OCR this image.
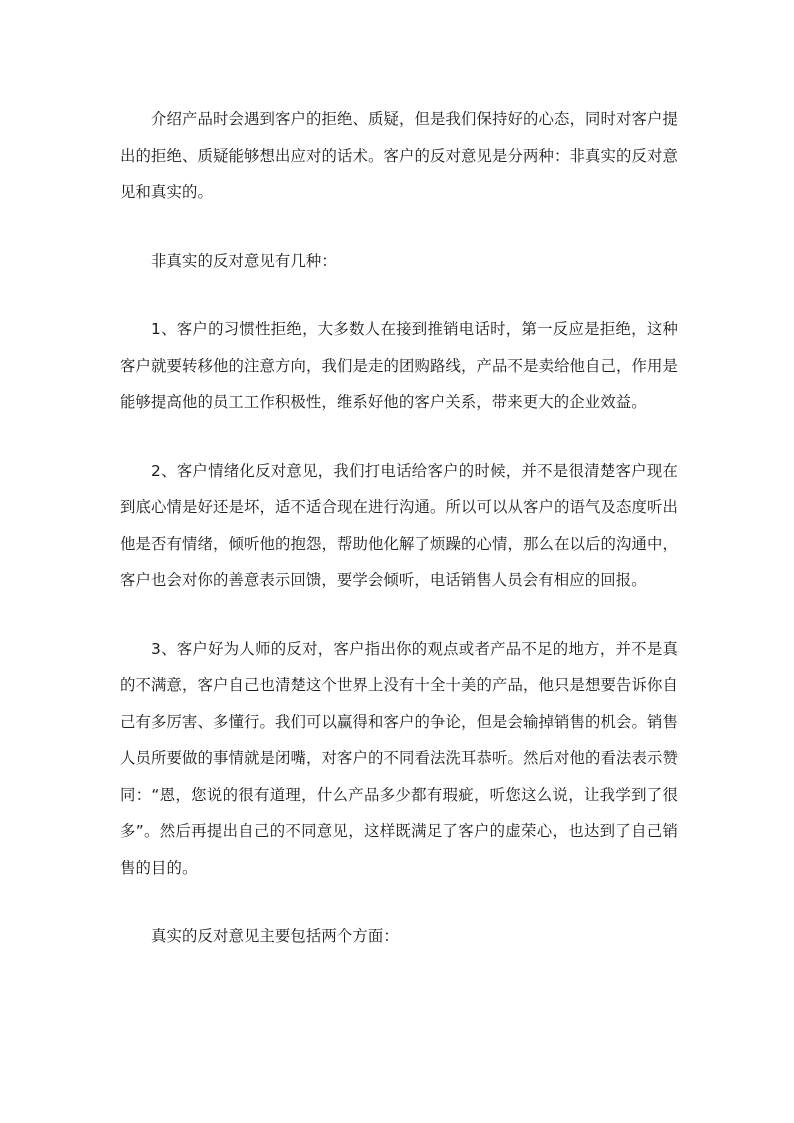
介绍产品时会遇到客户的拒绝、质疑，但是我们保持好的心态，同时对客户提出的拒绝、质疑能够想出应对的话术。客户的反对意见是分两种：非真实的反对意见和真实的。

非真实的反对意见有几种：

1、客户的习惯性拒绝，大多数人在接到推销电话时，第一反应是拒绝，这种客户就要转移他的注意方向，我们是走的团购路线，产品不是卖给他自己，作用是能够提高他的员工工作积极性，维系好他的客户关系，带来更大的企业效益。

2、客户情绪化反对意见，我们打电话给客户的时候，并不是很清楚客户现在到底心情是好还是坏，适不适合现在进行沟通。所以可以从客户的语气及态度听出他是否有情绪，倾听他的抱怨，帮助他化解了烦躁的心情，那么在以后的沟通中，客户也会对你的善意表示回馈，要学会倾听，电话销售人员会有相应的回报。

3、客户好为人师的反对，客户指出你的观点或者产品不足的地方，并不是真的不满意，客户自己也清楚这个世界上没有十全十美的产品，他只是想要告诉你自己有多厉害、多懂行。我们可以赢得和客户的争论，但是会输掉销售的机会。销售人员所要做的事情就是闭嘴，对客户的不同看法洗耳恭听。然后对他的看法表示赞同：“恩，您说的很有道理，什么产品多少都有瑕疵，听您这么说，让我学到了很多”。然后再提出自己的不同意见，这样既满足了客户的虚荣心，也达到了自己销售的目的。

真实的反对意见主要包括两个方面：
